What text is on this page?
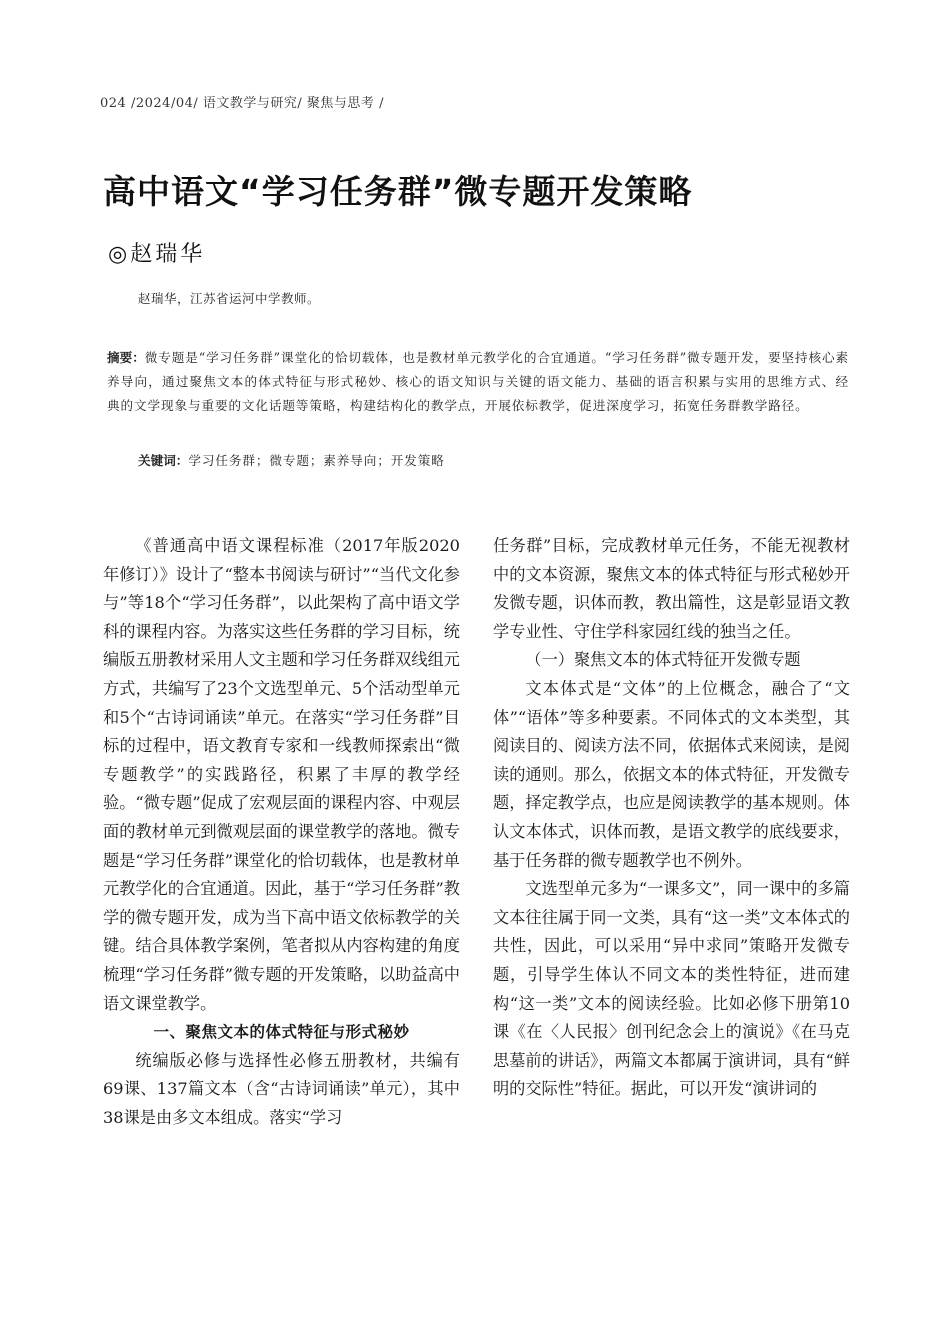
024 /2024/04/ 语文教学与研究/ 聚焦与思考 /
高中语文“学习任务群”微专题开发策略
◎赵瑞华
赵瑞华，江苏省运河中学教师。
摘要：微专题是“学习任务群”课堂化的恰切载体，也是教材单元教学化的合宜通道。“学习任务群”微专题开发，要坚持核心素养导向，通过聚焦文本的体式特征与形式秘妙、核心的语文知识与关键的语文能力、基础的语言积累与实用的思维方式、经典的文学现象与重要的文化话题等策略，构建结构化的教学点，开展依标教学，促进深度学习，拓宽任务群教学路径。
关键词：学习任务群；微专题；素养导向；开发策略

《普通高中语文课程标准（2017年版2020年修订）》设计了“整本书阅读与研讨”“当代文化参与”等18个“学习任务群”，以此架构了高中语文学科的课程内容。为落实这些任务群的学习目标，统编版五册教材采用人文主题和学习任务群双线组元方式，共编写了23个文选型单元、5个活动型单元和5个“古诗词诵读”单元。在落实“学习任务群”目标的过程中，语文教育专家和一线教师探索出“微专题教学”的实践路径，积累了丰厚的教学经验。“微专题”促成了宏观层面的课程内容、中观层面的教材单元到微观层面的课堂教学的落地。微专题是“学习任务群”课堂化的恰切载体，也是教材单元教学化的合宜通道。因此，基于“学习任务群”教学的微专题开发，成为当下高中语文依标教学的关键。结合具体教学案例，笔者拟从内容构建的角度梳理“学习任务群”微专题的开发策略，以助益高中语文课堂教学。

一、聚焦文本的体式特征与形式秘妙

统编版必修与选择性必修五册教材，共编有69课、137篇文本（含“古诗词诵读”单元），其中38课是由多文本组成。落实“学习

任务群”目标，完成教材单元任务，不能无视教材中的文本资源，聚焦文本的体式特征与形式秘妙开发微专题，识体而教，教出篇性，这是彰显语文教学专业性、守住学科家园红线的独当之任。

（一）聚焦文本的体式特征开发微专题

文本体式是“文体”的上位概念，融合了“文体”“语体”等多种要素。不同体式的文本类型，其阅读目的、阅读方法不同，依据体式来阅读，是阅读的通则。那么，依据文本的体式特征，开发微专题，择定教学点，也应是阅读教学的基本规则。体认文本体式，识体而教，是语文教学的底线要求，基于任务群的微专题教学也不例外。

文选型单元多为“一课多文”，同一课中的多篇文本往往属于同一文类，具有“这一类”文本体式的共性，因此，可以采用“异中求同”策略开发微专题，引导学生体认不同文本的类性特征，进而建构“这一类”文本的阅读经验。比如必修下册第10课《在〈人民报〉创刊纪念会上的演说》《在马克思墓前的讲话》，两篇文本都属于演讲词，具有“鲜明的交际性”特征。据此，可以开发“演讲词的
